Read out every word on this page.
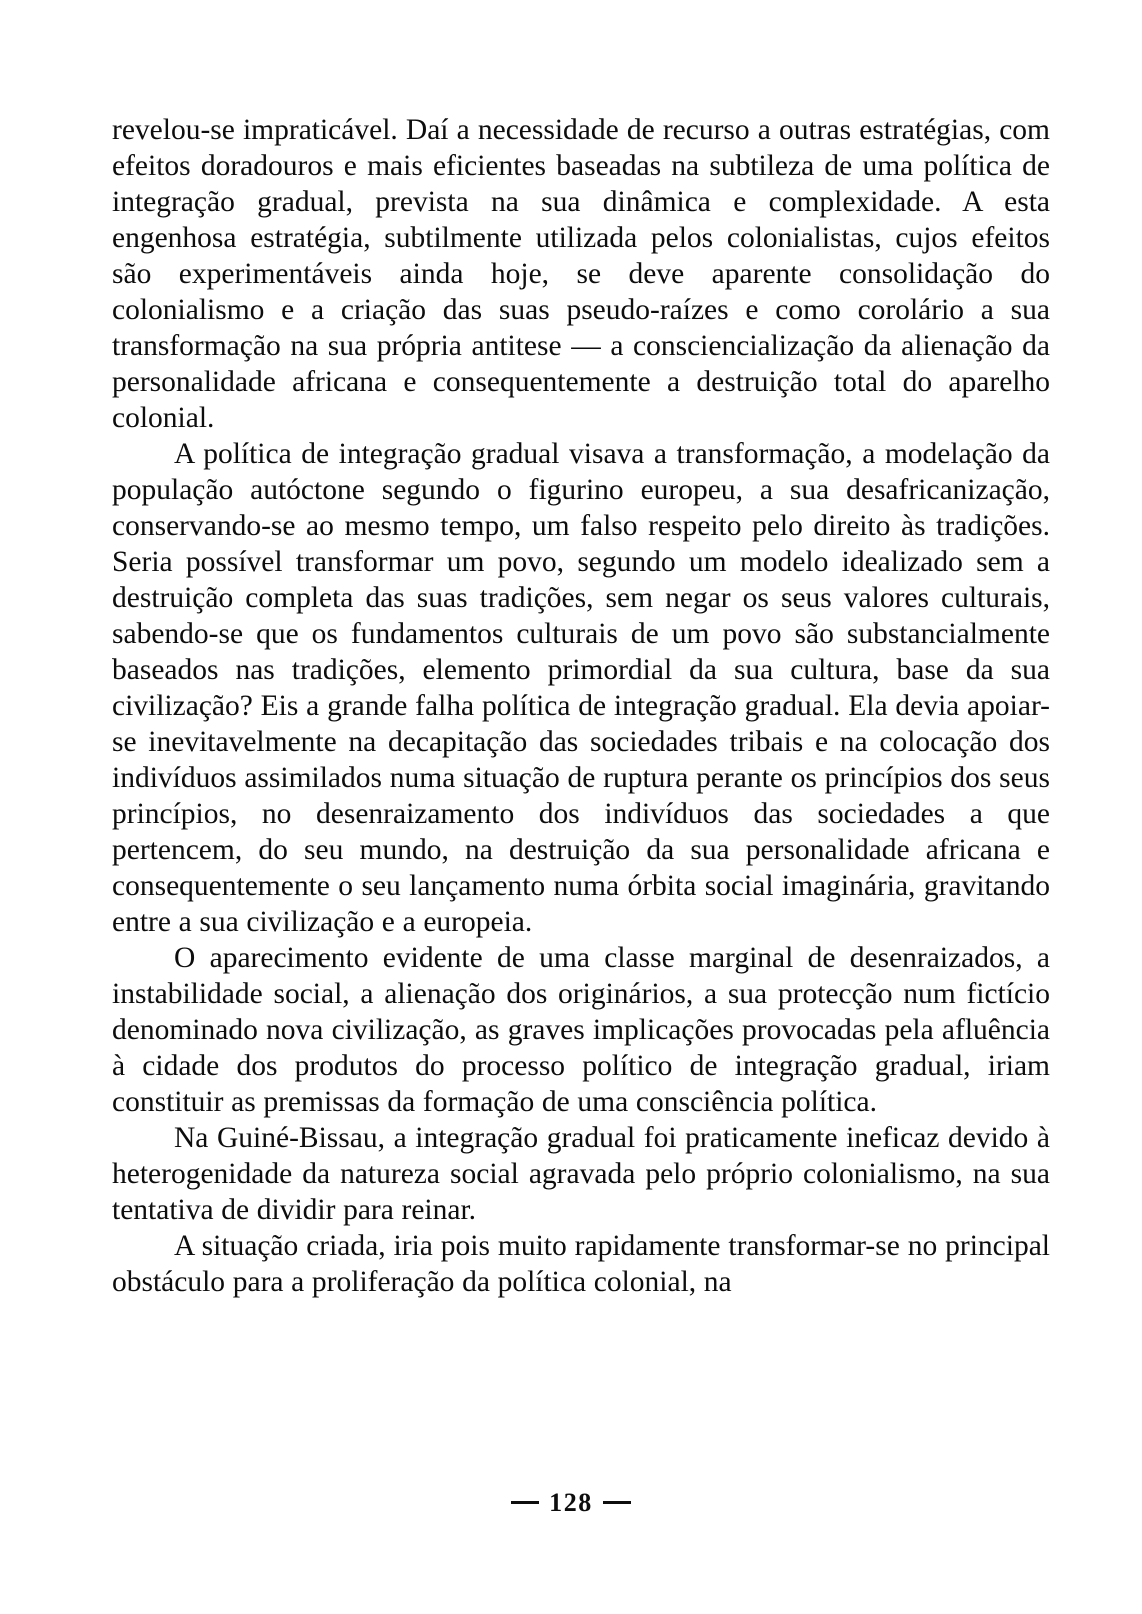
revelou-se impraticável. Daí a necessidade de recurso a outras estratégias, com efeitos doradouros e mais eficientes baseadas na subtileza de uma política de integração gradual, prevista na sua dinâmica e complexidade. A esta engenhosa estratégia, subtilmente utilizada pelos colonialistas, cujos efeitos são experimentáveis ainda hoje, se deve aparente consolidação do colonialismo e a criação das suas pseudo-raízes e como corolário a sua transformação na sua própria antitese — a consciencialização da alienação da personalidade africana e consequentemente a destruição total do aparelho colonial.

A política de integração gradual visava a transformação, a modelação da população autóctone segundo o figurino europeu, a sua desafricanização, conservando-se ao mesmo tempo, um falso respeito pelo direito às tradições. Seria possível transformar um povo, segundo um modelo idealizado sem a destruição completa das suas tradições, sem negar os seus valores culturais, sabendo-se que os fundamentos culturais de um povo são substancialmente baseados nas tradições, elemento primordial da sua cultura, base da sua civilização? Eis a grande falha política de integração gradual. Ela devia apoiar-se inevitavelmente na decapitação das sociedades tribais e na colocação dos indivíduos assimilados numa situação de ruptura perante os princípios dos seus princípios, no desenraizamento dos indivíduos das sociedades a que pertencem, do seu mundo, na destruição da sua personalidade africana e consequentemente o seu lançamento numa órbita social imaginária, gravitando entre a sua civilização e a europeia.

O aparecimento evidente de uma classe marginal de desenraizados, a instabilidade social, a alienação dos originários, a sua protecção num fictício denominado nova civilização, as graves implicações provocadas pela afluência à cidade dos produtos do processo político de integração gradual, iriam constituir as premissas da formação de uma consciência política.

Na Guiné-Bissau, a integração gradual foi praticamente ineficaz devido à heterogenidade da natureza social agravada pelo próprio colonialismo, na sua tentativa de dividir para reinar.

A situação criada, iria pois muito rapidamente transformar-se no principal obstáculo para a proliferação da política colonial, na

128
